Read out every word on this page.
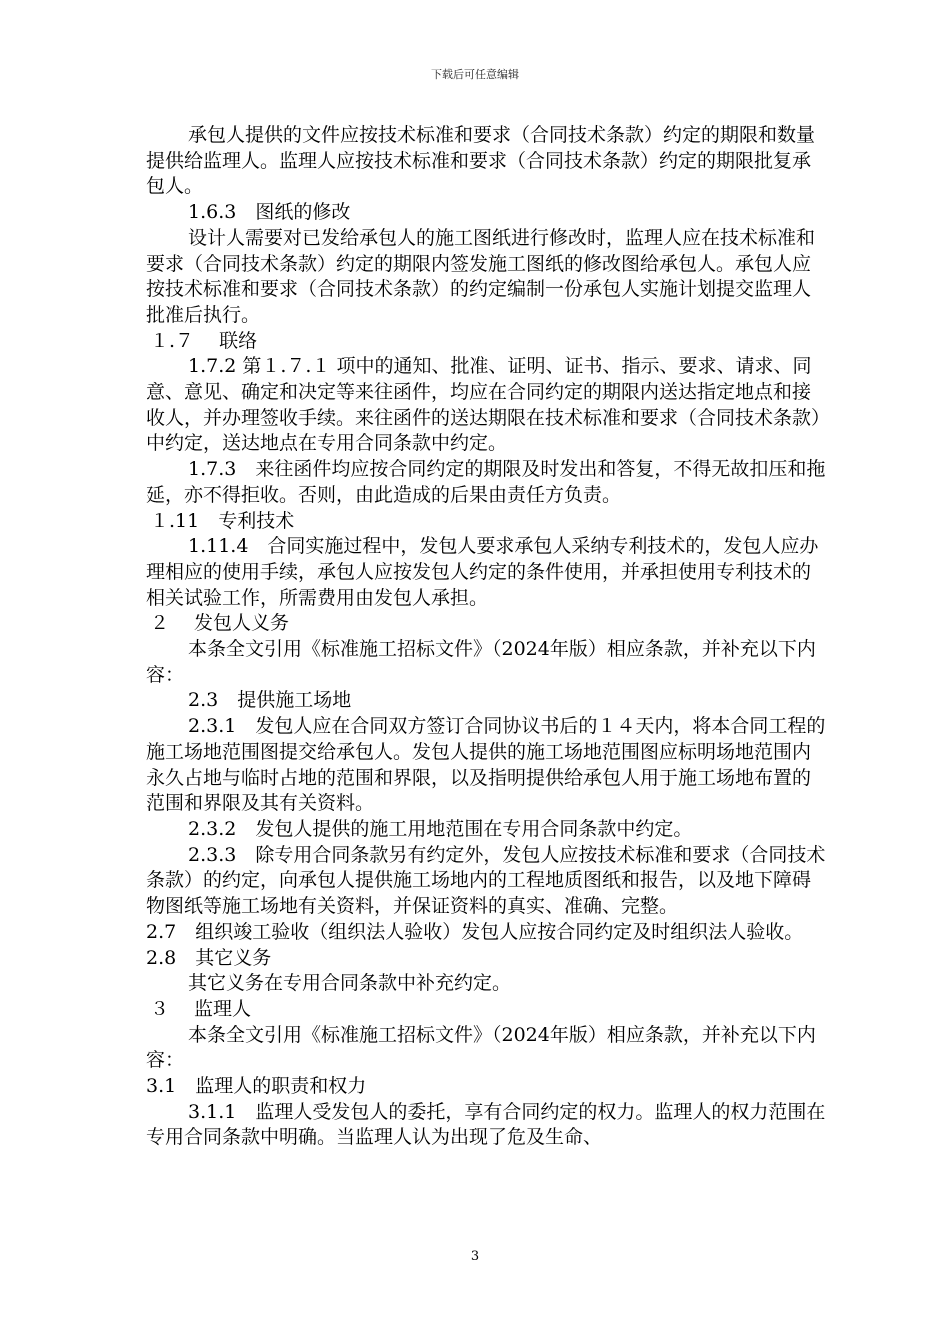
下载后可任意编辑

承包人提供的文件应按技术标准和要求（合同技术条款）约定的期限和数量提供给监理人。监理人应按技术标准和要求（合同技术条款）约定的期限批复承包人。

1.6.3　图纸的修改

设计人需要对已发给承包人的施工图纸进行修改时，监理人应在技术标准和要求（合同技术条款）约定的期限内签发施工图纸的修改图给承包人。承包人应按技术标准和要求（合同技术条款）的约定编制一份承包人实施计划提交监理人批准后执行。

１.７　 联络

1.7.2 第１.７.１ 项中的通知、批准、证明、证书、指示、要求、请求、同意、意见、确定和决定等来往函件，均应在合同约定的期限内送达指定地点和接收人，并办理签收手续。来往函件的送达期限在技术标准和要求（合同技术条款）中约定，送达地点在专用合同条款中约定。

1.7.3　来往函件均应按合同约定的期限及时发出和答复，不得无故扣压和拖延，亦不得拒收。否则，由此造成的后果由责任方负责。

１.11　专利技术

1.11.4　合同实施过程中，发包人要求承包人采纳专利技术的，发包人应办理相应的使用手续，承包人应按发包人约定的条件使用，并承担使用专利技术的相关试验工作，所需费用由发包人承担。

２　 发包人义务

本条全文引用《标准施工招标文件》（2024年版）相应条款，并补充以下内容：

2.3　提供施工场地

2.3.1　发包人应在合同双方签订合同协议书后的１４天内，将本合同工程的施工场地范围图提交给承包人。发包人提供的施工场地范围图应标明场地范围内永久占地与临时占地的范围和界限，以及指明提供给承包人用于施工场地布置的范围和界限及其有关资料。

2.3.2　发包人提供的施工用地范围在专用合同条款中约定。

2.3.3　除专用合同条款另有约定外，发包人应按技术标准和要求（合同技术条款）的约定，向承包人提供施工场地内的工程地质图纸和报告，以及地下障碍物图纸等施工场地有关资料，并保证资料的真实、准确、完整。

2.7　组织竣工验收（组织法人验收）发包人应按合同约定及时组织法人验收。

2.8　其它义务

其它义务在专用合同条款中补充约定。

３　 监理人

本条全文引用《标准施工招标文件》（2024年版）相应条款，并补充以下内容：

3.1　监理人的职责和权力

3.1.1　监理人受发包人的委托，享有合同约定的权力。监理人的权力范围在专用合同条款中明确。当监理人认为出现了危及生命、

3
